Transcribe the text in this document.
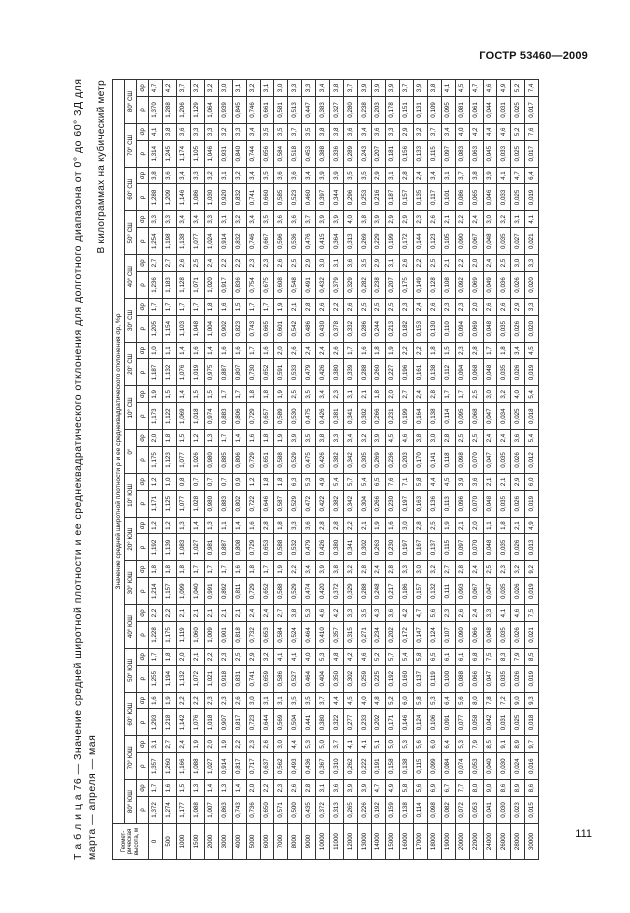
ГОСТР 53460—2009
Т а б л и ц а 76 — Значение средней широтной плотности и ее среднеквадратического отклонения для долготного диапазона от 0° до 60° ЗД для марта — апреля — мая
В килограммах на кубический метр
Геомет-рическая высота, м	Значение средней широтной плотности ρ и ее среднеквадратического отклонения σρ, %ρ																																	
	80° ЮШ		70° ЮШ		60° ЮШ		50° ЮШ		40° ЮШ		30° ЮШ		20° ЮШ		10° ЮШ		0°		10° СШ		20° СШ		30° СШ		40° СШ		50° СШ		60° СШ		70° СШ		80° СШ	
	ρ	σρ	ρ	σρ	ρ	σρ	ρ	σρ	ρ	σρ	ρ	σρ	ρ	σρ	ρ	σρ	ρ	σρ	ρ	σρ	ρ	σρ	ρ	σρ	ρ	σρ	ρ	σρ	ρ	σρ	ρ	σρ	ρ	σρ
0	1,372	1,7	1,357	3,1	1,293	1,6	1,255	1,7	1,228	2,2	1,214	1,8	1,192	1,2	1,171	1,2	1,175	2,0	1,173	1,9	1,187	1,0	1,205	1,7	1,236	2,7	1,254	3,3	1,288	3,8	1,314	4,1	1,370	4,7
500	1,274	1,6	1,260	2,7	1,218	1,9	1,194	1,8	1,175	2,2	1,157	1,8	1,139	1,2	1,125	1,0	1,123	1,8	1,122	1,5	1,132	1,1	1,154	1,7	1,183	2,7	1,198	3,3	1,209	3,6	1,245	3,8	1,288	4,2
1000	1,177	1,5	1,166	2,4	1,142	2,2	1,132	2,0	1,119	2,1	1,099	1,8	1,083	1,3	1,077	0,8	1,077	1,5	1,069	1,4	1,076	1,4	1,103	1,7	1,128	2,6	1,138	3,4	1,146	3,4	1,174	3,6	1,206	3,7
1500	1,088	1,3	1,088	1,9	1,076	2,2	1,072	2,1	1,060	2,1	1,040	1,7	1,027	1,4	1,028	0,7	1,026	1,2	1,018	1,5	1,019	1,6	1,048	1,7	1,071	2,5	1,077	3,4	1,086	3,3	1,105	3,3	1,129	3,2
2000	1,007	1,4	1,027	2,0	1,018	2,3	1,021	2,2	1,009	2,1	0,991	1,7	0,981	1,3	0,980	0,7	0,980	1,3	0,974	1,5	0,975	1,4	1,004	1,8	1,020	2,4	1,024	3,3	1,030	3,2	1,046	3,3	1,064	3,2
3000	0,863	1,3	0,914	1,9	0,907	2,3	0,918	2,3	0,901	2,1	0,892	1,7	0,887	1,1	0,883	0,7	0,885	1,7	0,883	1,7	0,887	1,6	0,902	1,6	0,917	2,2	0,914	3,1	0,920	3,1	0,931	3,2	0,939	3,0
4000	0,743	1,4	0,817	2,2	0,817	2,6	0,831	2,5	0,818	2,1	0,811	1,6	0,808	1,4	0,802	0,9	0,806	1,4	0,806	1,7	0,807	1,6	0,823	1,5	0,836	2,2	0,832	3,2	0,832	3,2	0,840	3,3	0,845	3,1
5000	0,736	2,0	0,717	2,3	0,723	3,0	0,741	2,9	0,732	2,4	0,729	1,8	0,729	1,6	0,722	1,2	0,729	1,6	0,729	1,8	0,730	1,7	0,743	1,7	0,754	2,3	0,746	3,4	0,741	3,4	0,744	3,4	0,746	3,2
6000	0,650	2,2	0,637	2,6	0,644	3,1	0,659	3,2	0,653	2,4	0,652	1,7	0,653	2,8	0,646	1,8	0,651	1,8	0,657	1,8	0,652	1,6	0,665	1,7	0,675	2,3	0,667	3,5	0,660	3,5	0,656	3,5	0,661	3,1
7000	0,571	2,3	0,562	3,0	0,569	3,1	0,586	4,1	0,584	2,7	0,588	1,9	0,588	1,8	0,587	1,8	0,588	1,9	0,589	1,9	0,591	2,0	0,601	1,9	0,608	2,6	0,596	3,6	0,585	3,6	0,584	3,5	0,581	3,0
8000	0,500	2,6	0,493	4,4	0,504	3,5	0,527	4,1	0,524	3,8	0,529	2,2	0,532	3,3	0,529	6,3	0,529	3,9	0,530	2,5	0,533	2,6	0,542	2,1	0,548	2,5	0,536	3,6	0,523	3,6	0,518	3,7	0,513	3,3
9000	0,435	2,8	0,436	5,3	0,441	3,5	0,464	4,0	0,464	5,3	0,474	3,4	0,479	3,6	0,472	5,3	0,475	3,5	0,475	3,5	0,479	2,4	0,486	2,8	0,491	2,9	0,476	3,7	0,460	3,4	0,453	3,5	0,447	3,3
10000	0,372	3,1	0,367	5,0	0,380	3,7	0,404	5,3	0,410	4,6	0,420	3,9	0,426	2,8	0,422	4,9	0,426	3,8	0,426	3,4	0,426	2,4	0,430	2,6	0,432	3,0	0,415	3,9	0,397	3,9	0,388	3,8	0,383	3,4
11000	0,313	3,6	0,310	3,7	0,322	4,4	0,350	4,8	0,357	4,2	0,372	3,8	0,380	2,8	0,382	5,4	0,382	3,3	0,381	2,3	0,380	2,6	0,378	2,2	0,379	3,1	0,364	3,9	0,344	3,9	0,336	3,8	0,327	3,8
12000	0,265	3,9	0,262	4,1	0,277	4,5	0,302	4,2	0,315	3,3	0,329	3,2	0,341	2,2	0,342	5,7	0,342	3,4	0,341	3,1	0,339	1,7	0,332	2,6	0,329	3,6	0,313	4,0	0,296	3,5	0,289	3,6	0,280	3,7
13000	0,226	3,9	0,222	4,1	0,233	4,0	0,259	4,6	0,271	3,5	0,288	2,8	0,302	2,1	0,304	5,4	0,305	3,2	0,302	2,1	0,288	1,6	0,286	2,5	0,282	3,5	0,269	3,8	0,253	3,5	0,243	3,4	0,238	3,9
14000	0,192	4,7	0,191	5,1	0,202	4,8	0,225	5,2	0,234	4,3	0,248	2,4	0,263	1,9	0,266	6,5	0,269	3,9	0,266	1,8	0,260	1,8	0,244	2,5	0,238	2,9	0,229	3,9	0,216	2,9	0,207	3,6	0,203	3,9
15000	0,159	4,9	0,158	5,0	0,171	5,2	0,192	5,7	0,202	3,6	0,217	2,8	0,230	1,6	0,230	7,6	0,236	4,5	0,231	2,0	0,227	1,9	0,213	2,5	0,207	3,1	0,199	2,9	0,187	3,1	0,181	3,3	0,178	3,9
16000	0,138	5,8	0,138	5,3	0,146	6,0	0,160	5,4	0,172	4,2	0,186	3,3	0,197	3,0	0,197	7,1	0,203	4,6	0,199	2,7	0,196	2,2	0,182	2,3	0,175	2,6	0,172	2,9	0,157	2,8	0,156	2,9	0,151	3,7
17000	0,114	5,6	0,115	5,6	0,124	5,8	0,137	5,8	0,147	4,7	0,157	3,0	0,167	2,8	0,163	5,8	0,170	3,8	0,164	2,4	0,161	2,2	0,153	2,4	0,149	2,2	0,144	2,3	0,135	2,4	0,133	3,2	0,131	3,9
18000	0,098	6,9	0,099	6,0	0,106	5,3	0,119	6,5	0,124	5,6	0,132	3,2	0,137	2,5	0,136	4,4	0,141	3,0	0,138	2,8	0,138	1,8	0,130	2,6	0,128	2,5	0,123	2,6	0,117	3,4	0,115	3,7	0,109	3,8
19000	0,082	6,7	0,084	6,4	0,091	6,4	0,100	6,1	0,107	2,3	0,111	2,7	0,115	1,9	0,113	4,5	0,118	2,8	0,114	1,7	0,112	1,5	0,110	2,3	0,108	2,1	0,105	2,1	0,101	3,1	0,097	3,4	0,095	4,1
20000	0,072	7,7	0,074	5,3	0,077	5,6	0,088	6,1	0,090	2,6	0,093	2,8	0,097	2,1	0,096	3,9	0,098	2,5	0,095	1,7	0,094	2,3	0,094	2,3	0,092	2,2	0,090	2,2	0,086	3,7	0,083	4,0	0,081	4,5
22000	0,053	8,0	0,053	7,9	0,058	8,0	0,066	6,8	0,066	2,4	0,067	2,4	0,070	2,0	0,070	3,6	0,070	2,5	0,068	2,5	0,068	2,8	0,069	2,0	0,069	2,0	0,067	2,4	0,065	3,8	0,063	4,2	0,061	4,7
24000	0,041	9,0	0,040	8,5	0,042	7,8	0,047	7,5	0,048	3,3	0,047	2,5	0,048	1,1	0,048	2,1	0,047	2,4	0,047	3,0	0,048	1,7	0,048	2,6	0,049	2,4	0,048	3,0	0,046	3,9	0,045	4,4	0,044	4,6
26000	0,030	8,6	0,030	9,1	0,031	7,2	0,035	8,3	0,035	4,1	0,035	2,3	0,035	1,8	0,035	2,1	0,035	2,4	0,034	3,2	0,035	1,8	0,035	2,6	0,036	2,5	0,035	3,2	0,033	4,1	0,033	4,6	0,031	4,9
28000	0,023	8,9	0,024	8,9	0,025	9,0	0,026	7,9	0,026	4,6	0,026	3,2	0,026	2,1	0,026	2,9	0,026	3,6	0,025	4,0	0,026	3,4	0,026	2,9	0,026	3,0	0,027	3,1	0,025	4,7	0,025	5,2	0,025	5,2
30000	0,015	8,6	0,016	9,7	0,018	9,3	0,019	8,5	0,021	7,5	0,019	9,2	0,013	4,9	0,019	6,0	0,012	5,4	0,018	5,4	0,019	4,5	0,020	3,3	0,020	3,3	0,021	4,1	0,019	6,4	0,017	7,6	0,017	7,4
111
